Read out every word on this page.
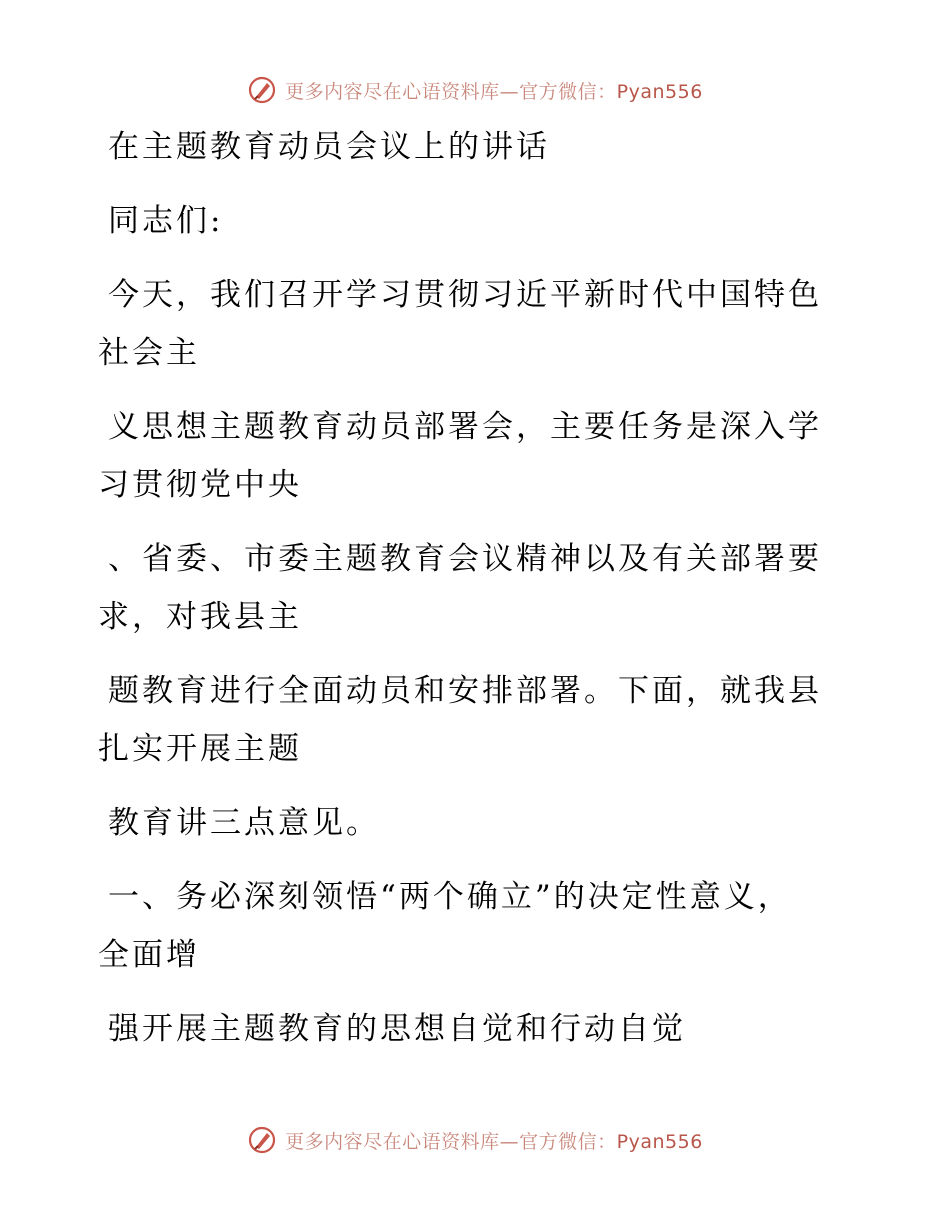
更多内容尽在心语资料库—官方微信：Pyan556
在主题教育动员会议上的讲话
同志们:
今天，我们召开学习贯彻习近平新时代中国特色
社会主
义思想主题教育动员部署会，主要任务是深入学
习贯彻党中央
、省委、市委主题教育会议精神以及有关部署要
求，对我县主
题教育进行全面动员和安排部署。下面，就我县
扎实开展主题
教育讲三点意见。
一、务必深刻领悟“两个确立”的决定性意义，
全面增
强开展主题教育的思想自觉和行动自觉
更多内容尽在心语资料库—官方微信：Pyan556
